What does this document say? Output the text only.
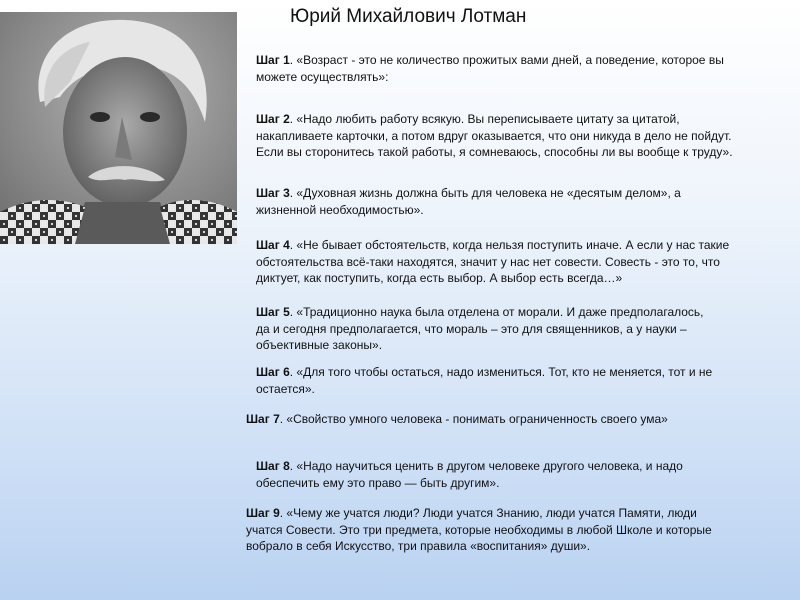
Юрий Михайлович Лотман
Шаг 1. «Возраст - это не количество прожитых вами дней, а поведение, которое вы можете осуществлять»:
Шаг 2. «Надо любить работу всякую. Вы переписываете цитату за цитатой, накапливаете карточки, а потом вдруг оказывается, что они никуда в дело не пойдут. Если вы сторонитесь такой работы, я сомневаюсь, способны ли вы вообще к труду».
Шаг 3. «Духовная жизнь должна быть для человека не «десятым делом», а жизненной необходимостью».
Шаг 4. «Не бывает обстоятельств, когда нельзя поступить иначе. А если у нас такие обстоятельства всё-таки находятся, значит у нас нет совести. Совесть - это то, что диктует, как поступить, когда есть выбор. А выбор есть всегда…»
Шаг 5. «Традиционно наука была отделена от морали. И даже предполагалось, да и сегодня предполагается, что мораль – это для священников, а у науки – объективные законы».
Шаг 6. «Для того чтобы остаться, надо измениться. Тот, кто не меняется, тот и не остается».
Шаг 7. «Свойство умного человека - понимать ограниченность своего ума»
Шаг 8. «Надо научиться ценить в другом человеке другого человека, и надо обеспечить ему это право — быть другим».
Шаг 9. «Чему же учатся люди? Люди учатся Знанию, люди учатся Памяти, люди учатся Совести. Это три предмета, которые необходимы в любой Школе и которые вобрало в себя Искусство, три правила «воспитания» души».
